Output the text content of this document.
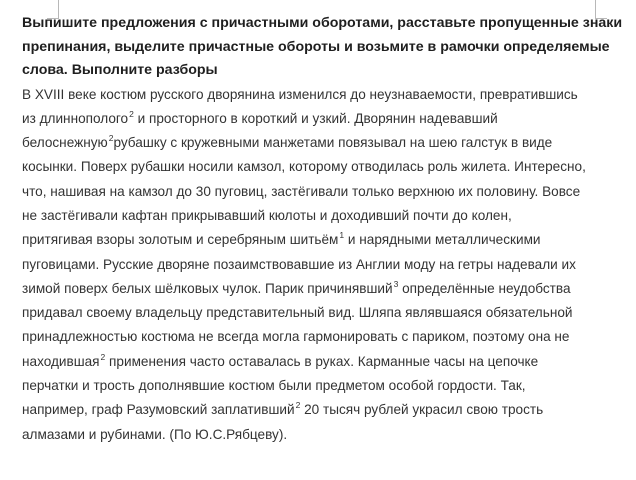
Выпишите предложения с причастными оборотами, расставьте пропущенные знаки
препинания, выделите причастные обороты и возьмите в рамочки определяемые
слова. Выполните разборы

В XVIII веке костюм русского дворянина изменился до неузнаваемости, превратившись
из длиннополого$^2$ и просторного в короткий и узкий. Дворянин надевавший
белоснежную$^2$рубашку с кружевными манжетами повязывал на шею галстук в виде
косынки. Поверх рубашки носили камзол, которому отводилась роль жилета. Интересно,
что, нашивая на камзол до 30 пуговиц, застёгивали только верхнюю их половину. Вовсе
не застёгивали кафтан прикрывавший кюлоты и доходивший почти до колен,
притягивая взоры золотым и серебряным шитьём$^1$ и нарядными металлическими
пуговицами. Русские дворяне позаимствовавшие из Англии моду на гетры надевали их
зимой поверх белых шёлковых чулок. Парик причинявший$^3$ определённые неудобства
придавал своему владельцу представительный вид. Шляпа являвшаяся обязательной
принадлежностью костюма не всегда могла гармонировать с париком, поэтому она не
находившая$^2$ применения часто оставалась в руках. Карманные часы на цепочке
перчатки и трость дополнявшие костюм были предметом особой гордости. Так,
например, граф Разумовский заплативший$^2$ 20 тысяч рублей украсил свою трость
алмазами и рубинами. (По Ю.С.Рябцеву).
